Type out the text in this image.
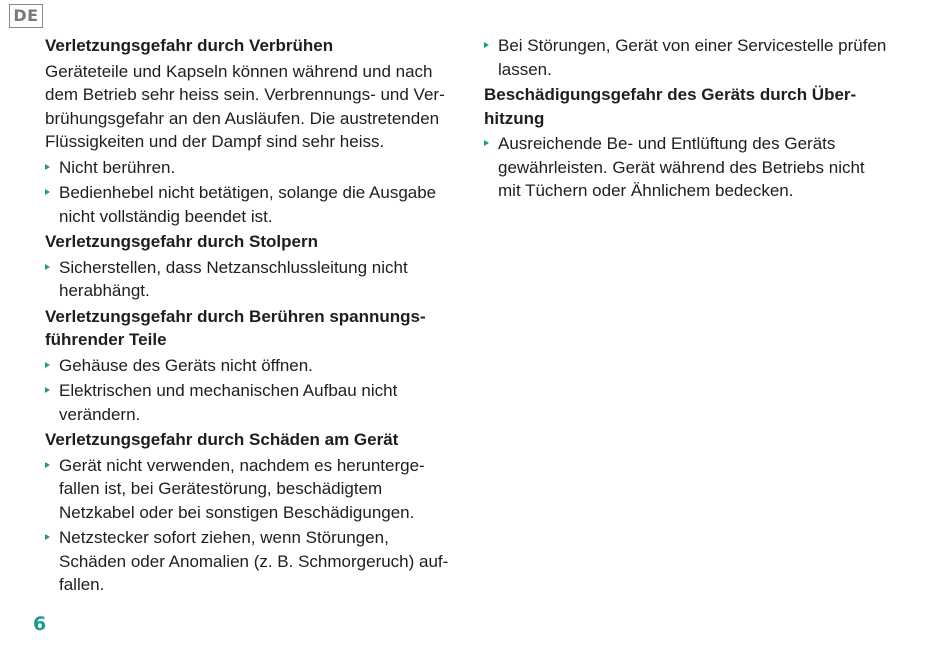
DE
Verletzungsgefahr durch Verbrühen
Geräteteile und Kapseln können während und nach
dem Betrieb sehr heiss sein. Verbrennungs- und Ver-
brühungsgefahr an den Ausläufen. Die austretenden
Flüssigkeiten und der Dampf sind sehr heiss.
Nicht berühren.
Bedienhebel nicht betätigen, solange die Ausgabe
nicht vollständig beendet ist.
Verletzungsgefahr durch Stolpern
Sicherstellen, dass Netzanschlussleitung nicht
herabhängt.
Verletzungsgefahr durch Berühren spannungs-
führender Teile
Gehäuse des Geräts nicht öffnen.
Elektrischen und mechanischen Aufbau nicht
verändern.
Verletzungsgefahr durch Schäden am Gerät
Gerät nicht verwenden, nachdem es herunterge-
fallen ist, bei Gerätestörung, beschädigtem
Netzkabel oder bei sonstigen Beschädigungen.
Netzstecker sofort ziehen, wenn Störungen,
Schäden oder Anomalien (z. B. Schmorgeruch) auf-
fallen.
Bei Störungen, Gerät von einer Servicestelle prüfen
lassen.
Beschädigungsgefahr des Geräts durch Über-
hitzung
Ausreichende Be- und Entlüftung des Geräts
gewährleisten. Gerät während des Betriebs nicht
mit Tüchern oder Ähnlichem bedecken.
6
